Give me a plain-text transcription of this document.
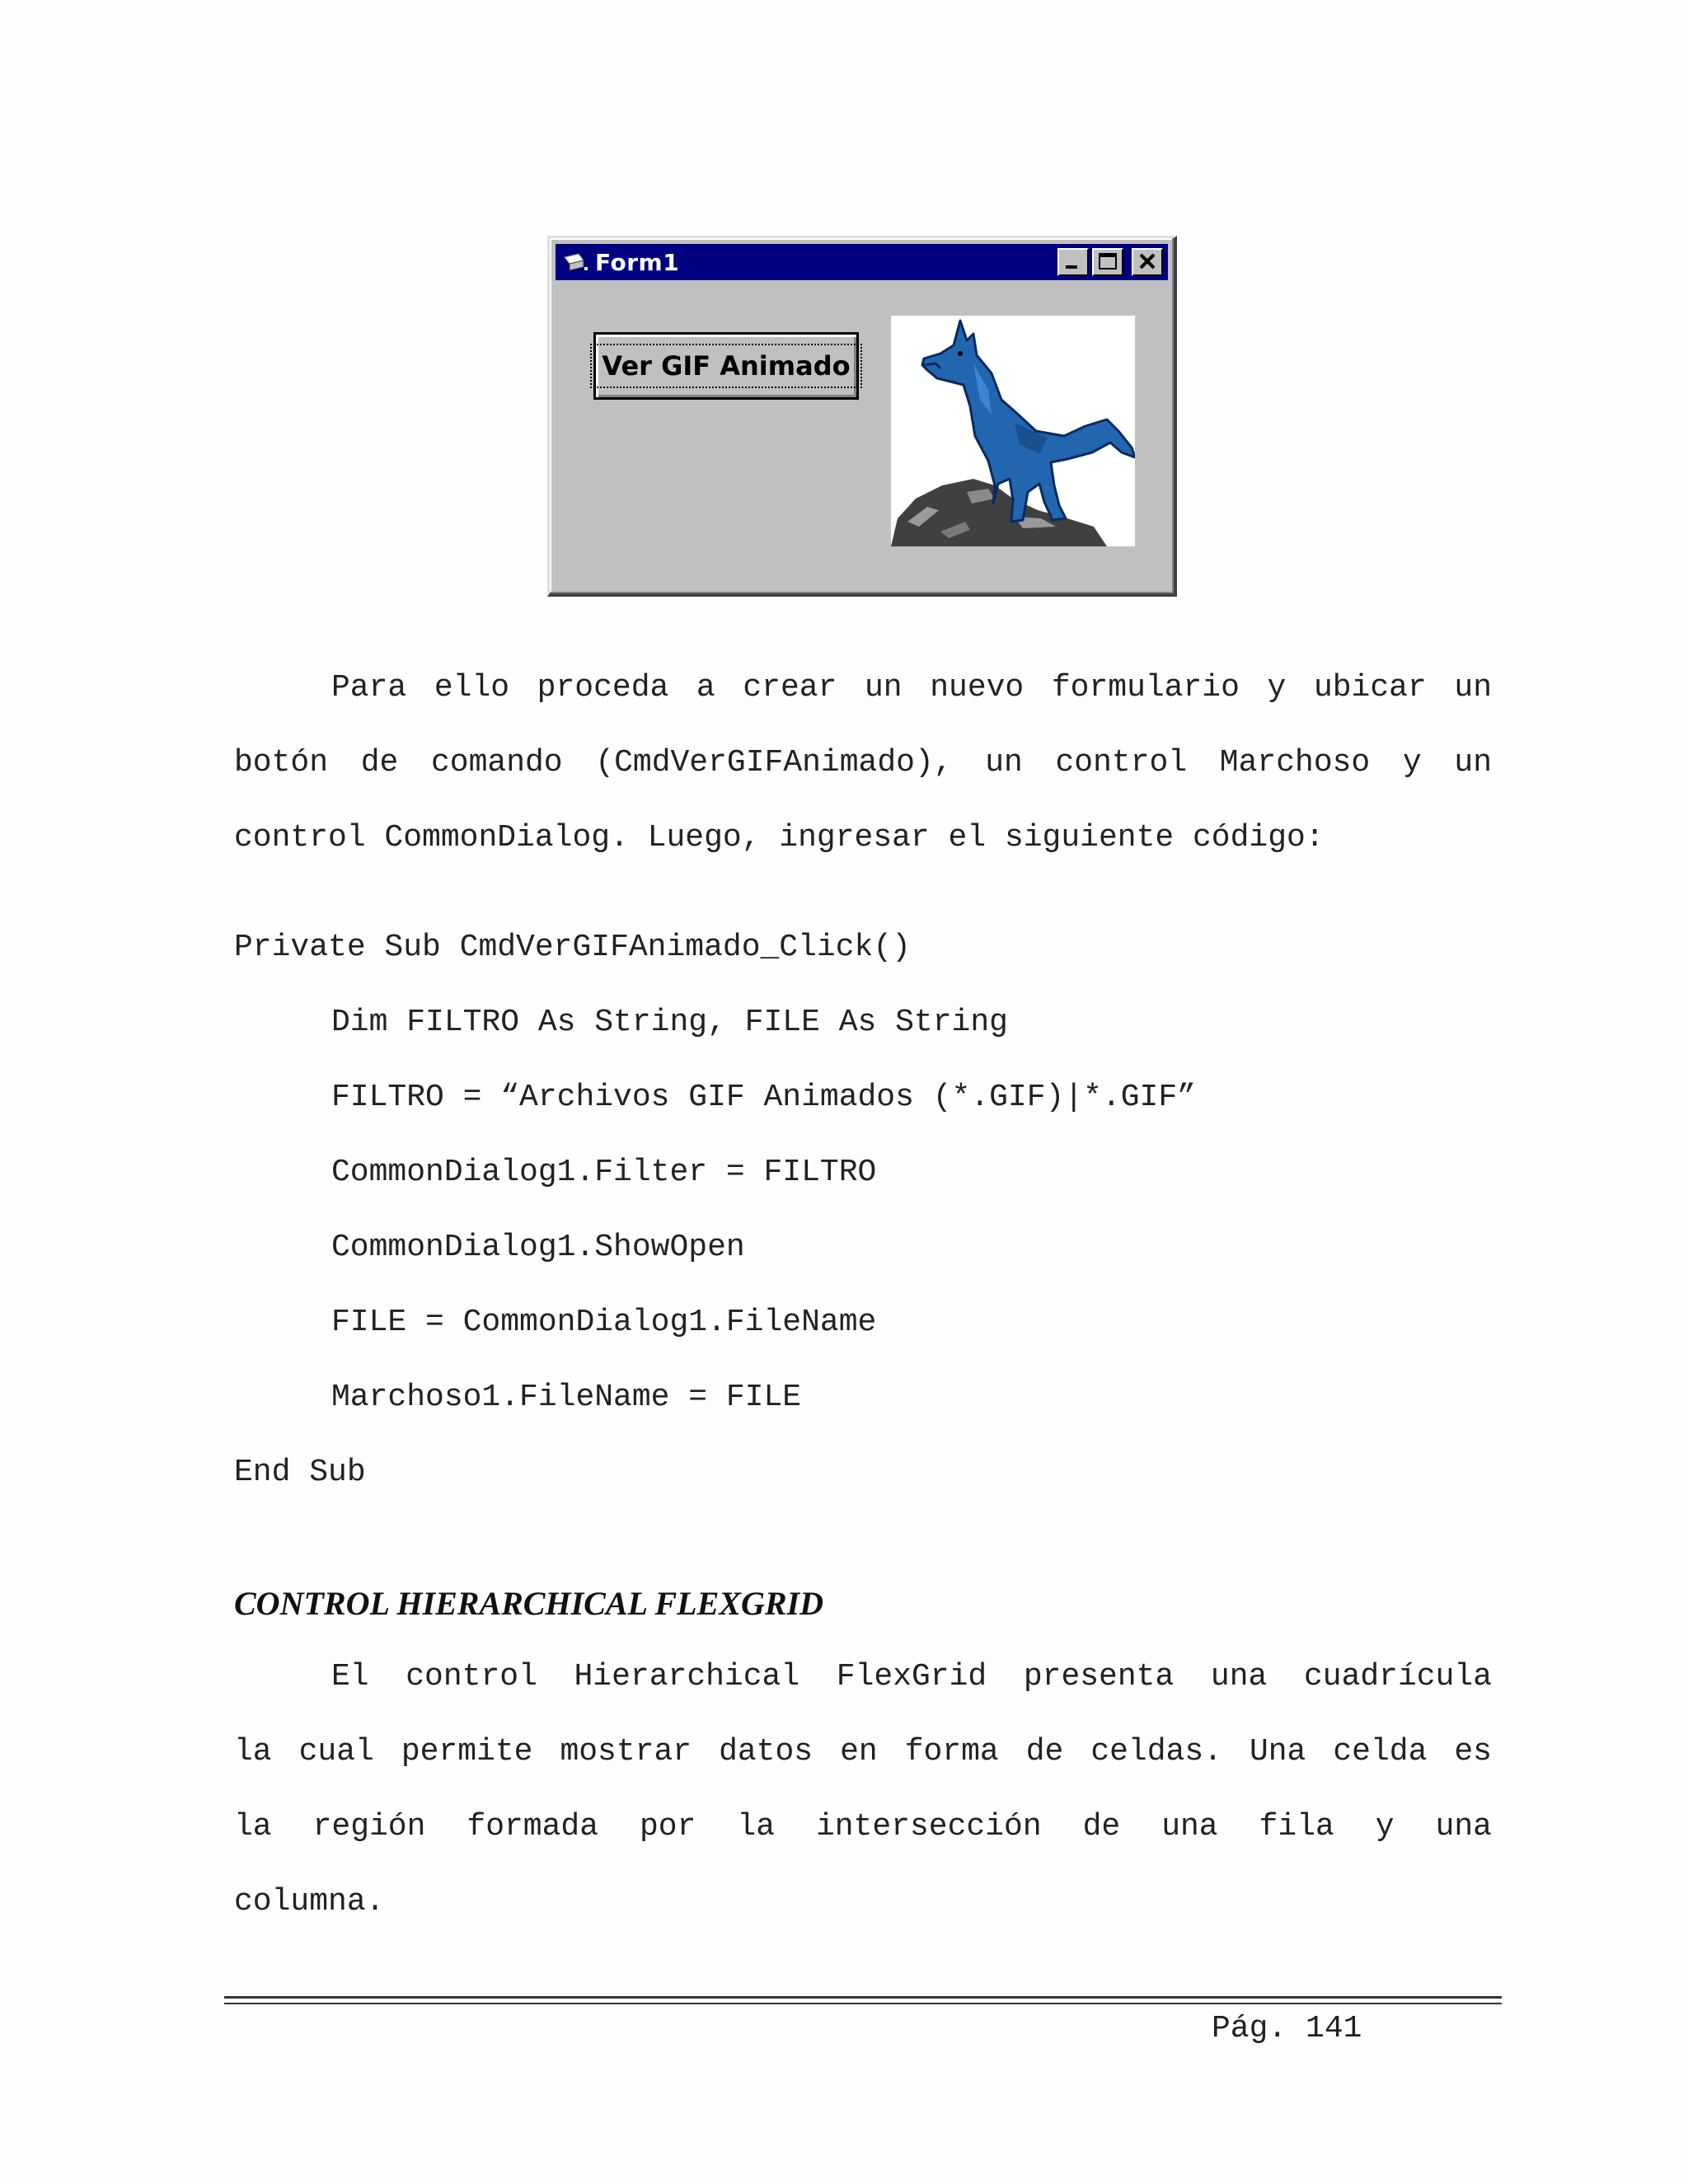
Form1
Ver GIF Animado
Para ello proceda a crear un nuevo formulario y ubicar un
botón de comando (CmdVerGIFAnimado), un control Marchoso y un
control CommonDialog. Luego, ingresar el siguiente código:
Private Sub CmdVerGIFAnimado_Click()
Dim FILTRO As String, FILE As String
FILTRO = “Archivos GIF Animados (*.GIF)|*.GIF”
CommonDialog1.Filter = FILTRO
CommonDialog1.ShowOpen
FILE = CommonDialog1.FileName
Marchoso1.FileName = FILE
End Sub
CONTROL HIERARCHICAL FLEXGRID
El control Hierarchical FlexGrid presenta una cuadrícula
la cual permite mostrar datos en forma de celdas. Una celda es
la región formada por la intersección de una fila y una
columna.
Pág. 141
